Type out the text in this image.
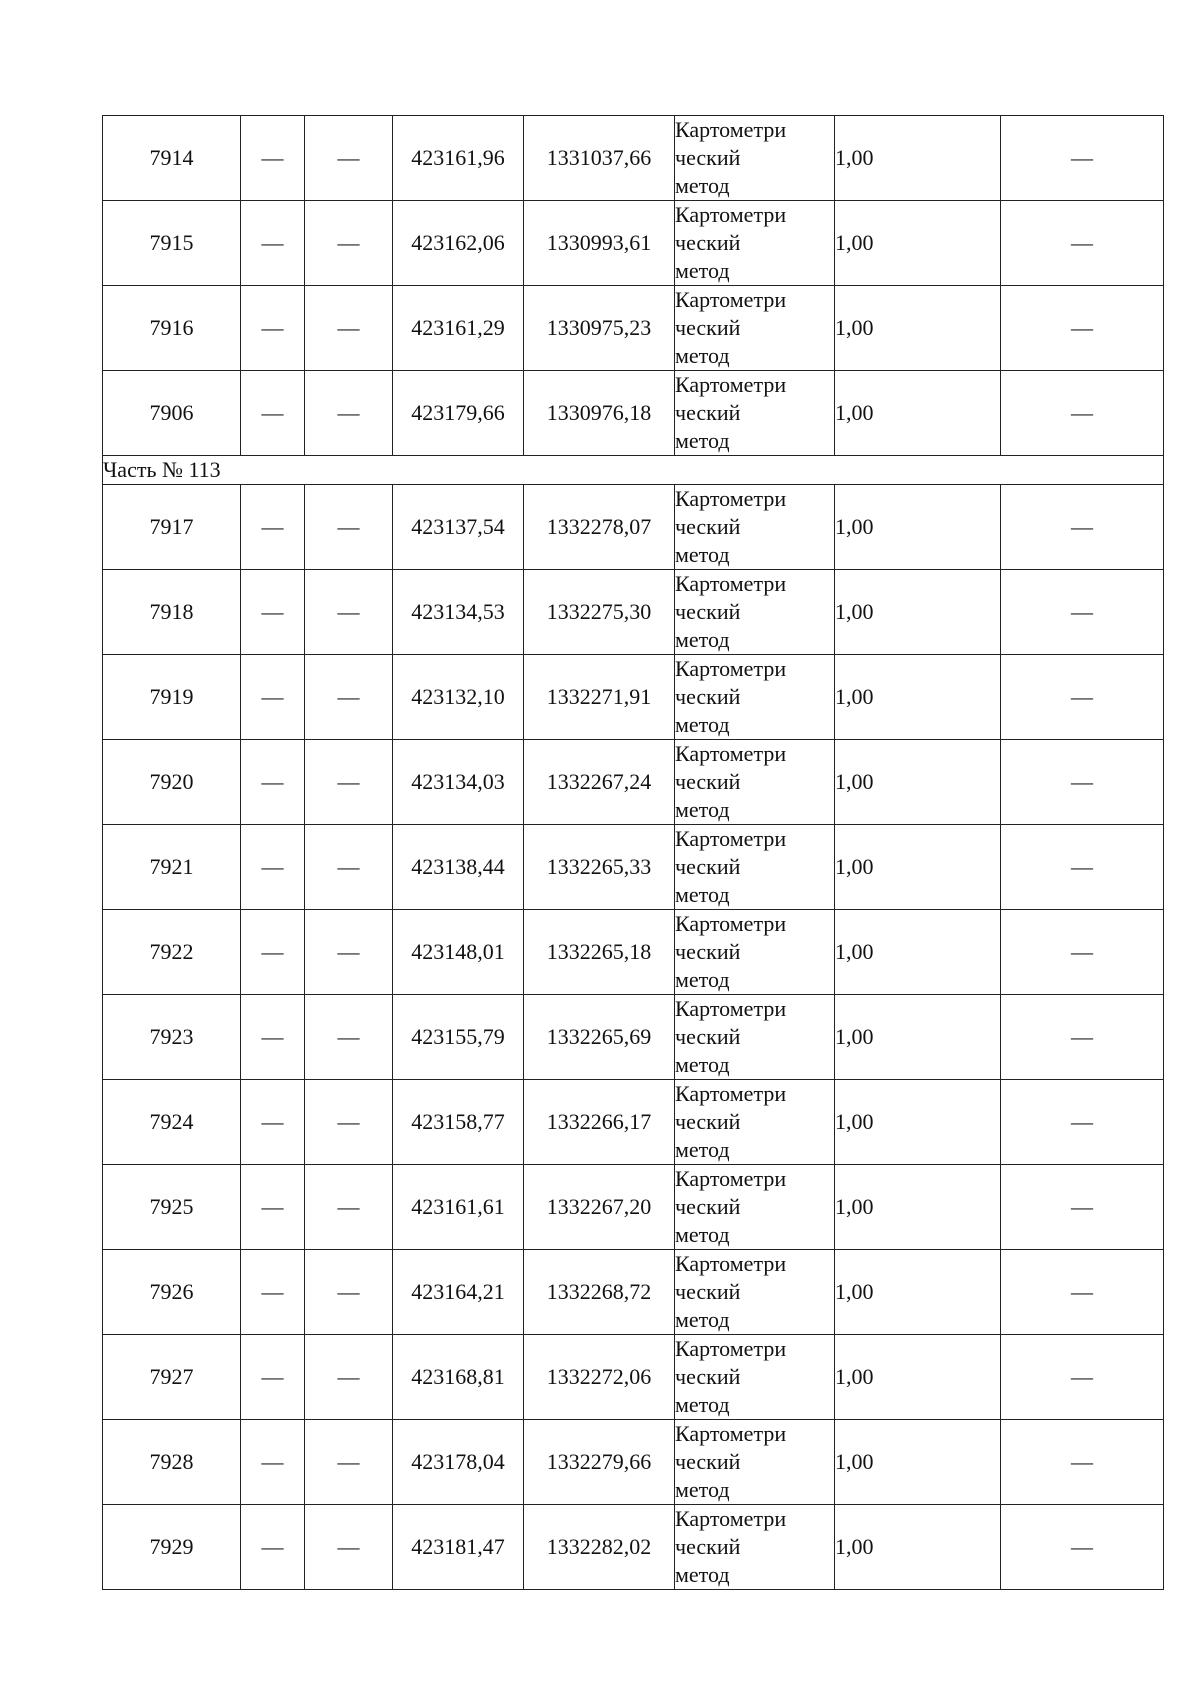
7914	—	—	423161,96	1331037,66	Картометри
ческий
метод	1,00	—
7915	—	—	423162,06	1330993,61	Картометри
ческий
метод	1,00	—
7916	—	—	423161,29	1330975,23	Картометри
ческий
метод	1,00	—
7906	—	—	423179,66	1330976,18	Картометри
ческий
метод	1,00	—
Часть № 113							
7917	—	—	423137,54	1332278,07	Картометри
ческий
метод	1,00	—
7918	—	—	423134,53	1332275,30	Картометри
ческий
метод	1,00	—
7919	—	—	423132,10	1332271,91	Картометри
ческий
метод	1,00	—
7920	—	—	423134,03	1332267,24	Картометри
ческий
метод	1,00	—
7921	—	—	423138,44	1332265,33	Картометри
ческий
метод	1,00	—
7922	—	—	423148,01	1332265,18	Картометри
ческий
метод	1,00	—
7923	—	—	423155,79	1332265,69	Картометри
ческий
метод	1,00	—
7924	—	—	423158,77	1332266,17	Картометри
ческий
метод	1,00	—
7925	—	—	423161,61	1332267,20	Картометри
ческий
метод	1,00	—
7926	—	—	423164,21	1332268,72	Картометри
ческий
метод	1,00	—
7927	—	—	423168,81	1332272,06	Картометри
ческий
метод	1,00	—
7928	—	—	423178,04	1332279,66	Картометри
ческий
метод	1,00	—
7929	—	—	423181,47	1332282,02	Картометри
ческий
метод	1,00	—
